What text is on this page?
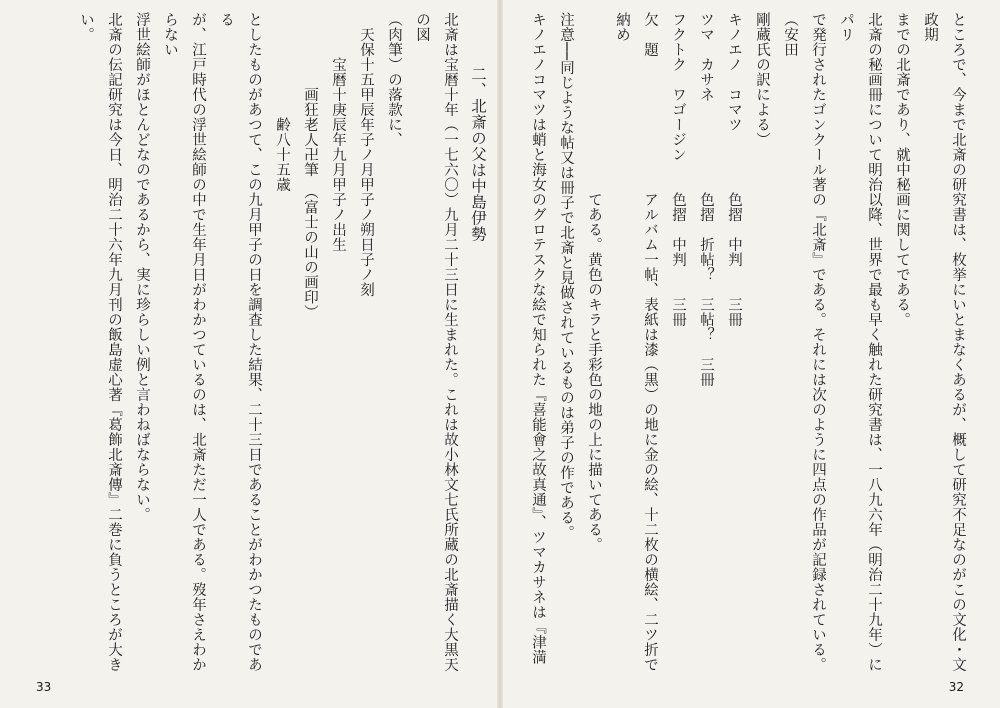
ところで、今まで北斎の研究書は、枚挙にいとまなくあるが、概して研究不足なのがこの文化・文政期
までの北斎であり、就中秘画に関してである。
北斎の秘画冊について明治以降、世界で最も早く触れた研究書は、一八九六年（明治二十九年）にパリ
で発行されたゴンクール著の『北斎』である。それには次のように四点の作品が記録されている。（安田
剛蔵氏の訳による）
キノエノ　コマツ　　　　色摺　中判　　三冊
ツマ　カサネ　　　　　　色摺　折帖？　三帖？　三冊
フクトク　ワゴージン　　色摺　中判　　三冊
欠　題　　　　　　　　　アルバム一帖、表紙は漆（黒）の地に金の絵、十二枚の横絵、二ツ折で納め
　　　　　　　　　　　　てある。黄色のキラと手彩色の地の上に描いてある。
注意──同じような帖又は冊子で北斎と見做されているものは弟子の作である。
キノエノコマツは蛸と海女のグロテスクな絵で知られた『喜能會之故真通』、ツマカサネは『津満
32
二、北斎の父は中島伊勢
北斎は宝暦十年（一七六〇）九月二十三日に生まれた。これは故小林文七氏所蔵の北斎描く大黒天の図
（肉筆）の落款に、
　天保十五甲辰年子ノ月甲子ノ朔日子ノ刻
　　　宝暦十庚辰年九月甲子ノ出生
　　　　　画狂老人卍筆　（富士の山の画印）
　　　　　　　齢八十五歳
としたものがあつて、この九月甲子の日を調査した結果、二十三日であることがわかつたものである
が、江戸時代の浮世絵師の中で生年月日がわかつているのは、北斎ただ一人である。歿年さえわからない
浮世絵師がほとんどなのであるから、実に珍らしい例と言わねばならない。
北斎の伝記研究は今日、明治二十六年九月刊の飯島虚心著『葛飾北斎傳』二巻に負うところが大きい。
33
